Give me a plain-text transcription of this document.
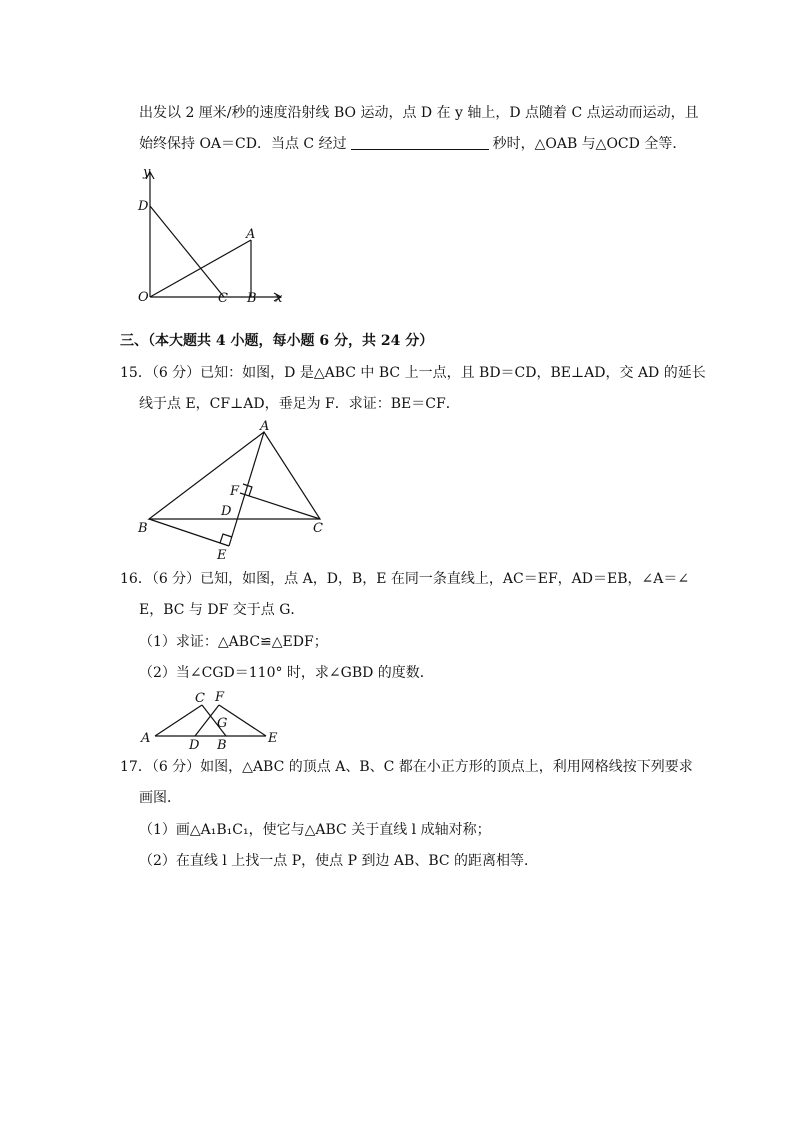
出发以 2 厘米/秒的速度沿射线 BO 运动，点 D 在 y 轴上，D 点随着 C 点运动而运动，且
始终保持 OA＝CD．当点 C 经过	秒时，△OAB 与△OCD 全等．
y
D
A
O	C B x
三、（本大题共 4 小题，每小题 6 分，共 24 分）
15．（6 分）已知：如图，D 是△ABC 中 BC 上一点，且 BD＝CD，BE⊥AD，交 AD 的延长
线于点 E，CF⊥AD，垂足为 F．求证：BE＝CF．
A
F
D
B	C
E
16．（6 分）已知，如图，点 A，D，B，E 在同一条直线上，AC＝EF，AD＝EB，∠A＝∠
E，BC 与 DF 交于点 G．
（1）求证：△ABC≌△EDF；
（2）当∠CGD＝110° 时，求∠GBD 的度数．
C F
G
A	D B	E
17．（6 分）如图，△ABC 的顶点 A、B、C 都在小正方形的顶点上，利用网格线按下列要求
画图．
（1）画△A₁B₁C₁，使它与△ABC 关于直线 l 成轴对称；
（2）在直线 l 上找一点 P，使点 P 到边 AB、BC 的距离相等．
